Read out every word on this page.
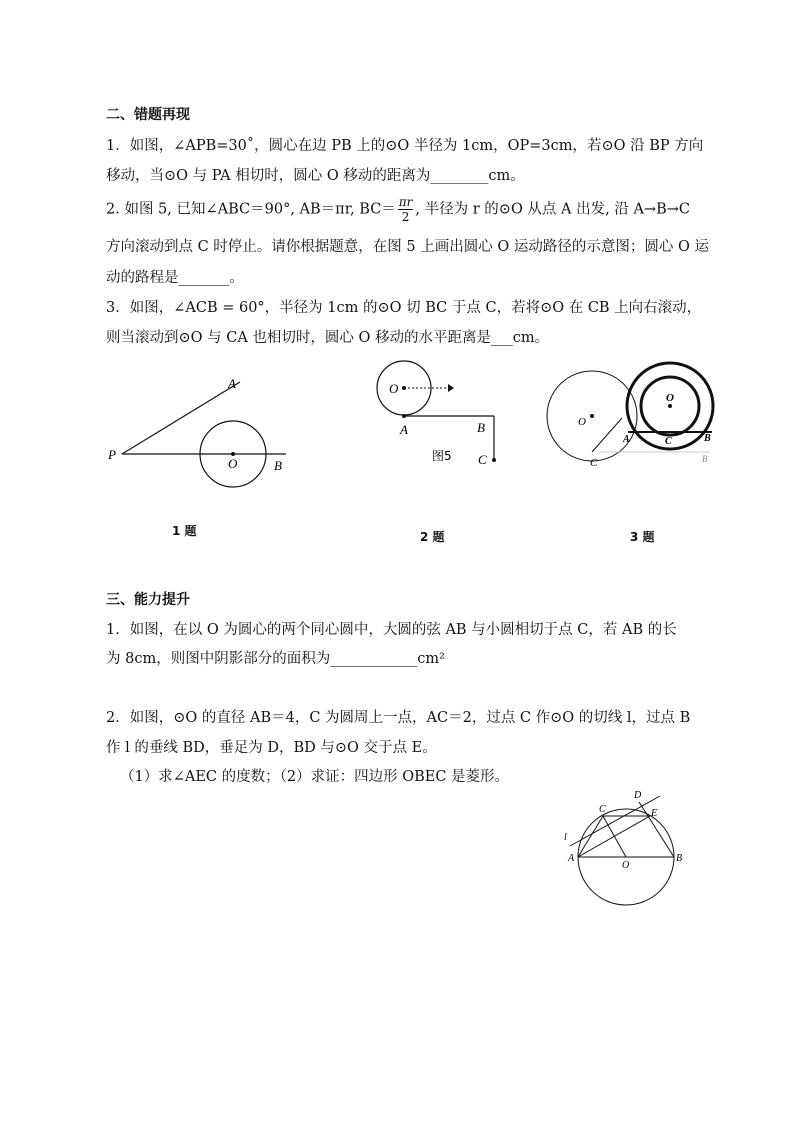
二、错题再现
1．如图，∠APB=30˚，圆心在边 PB 上的⊙O 半径为 1cm，OP=3cm，若⊙O 沿 BP 方向
移动，当⊙O 与 PA 相切时，圆心 O 移动的距离为________cm。
2. 如图 5, 已知∠ABC＝90°, AB＝πr, $BC= \frac{\pi r}{2}$ , 半径为 r 的⊙O 从点 A 出发, 沿 A→B→C
方向滚动到点 C 时停止。请你根据题意，在图 5 上画出圆心 O 运动路径的示意图；圆心 O 运
动的路程是_______。
3．如图，∠ACB = 60°，半径为 1cm 的⊙O 切 BC 于点 C，若将⊙O 在 CB 上向右滚动，
则当滚动到⊙O 与 CA 也相切时，圆心 O 移动的水平距离是___cm。
A
P
O	B
1 题
O
A	B
C
图5
2 题
O
C
O
A	C	B
B
3 题
三、能力提升
1．如图，在以 O 为圆心的两个同心圆中，大圆的弦 AB 与小圆相切于点 C，若 AB 的长
为 8cm，则图中阴影部分的面积为____________cm²
2．如图，⊙O 的直径 AB＝4，C 为圆周上一点，AC＝2，过点 C 作⊙O 的切线 l，过点 B
作 l 的垂线 BD，垂足为 D，BD 与⊙O 交于点 E。
（1）求∠AEC 的度数；（2）求证：四边形 OBEC 是菱形。
D
C	E
l
A
O
B
